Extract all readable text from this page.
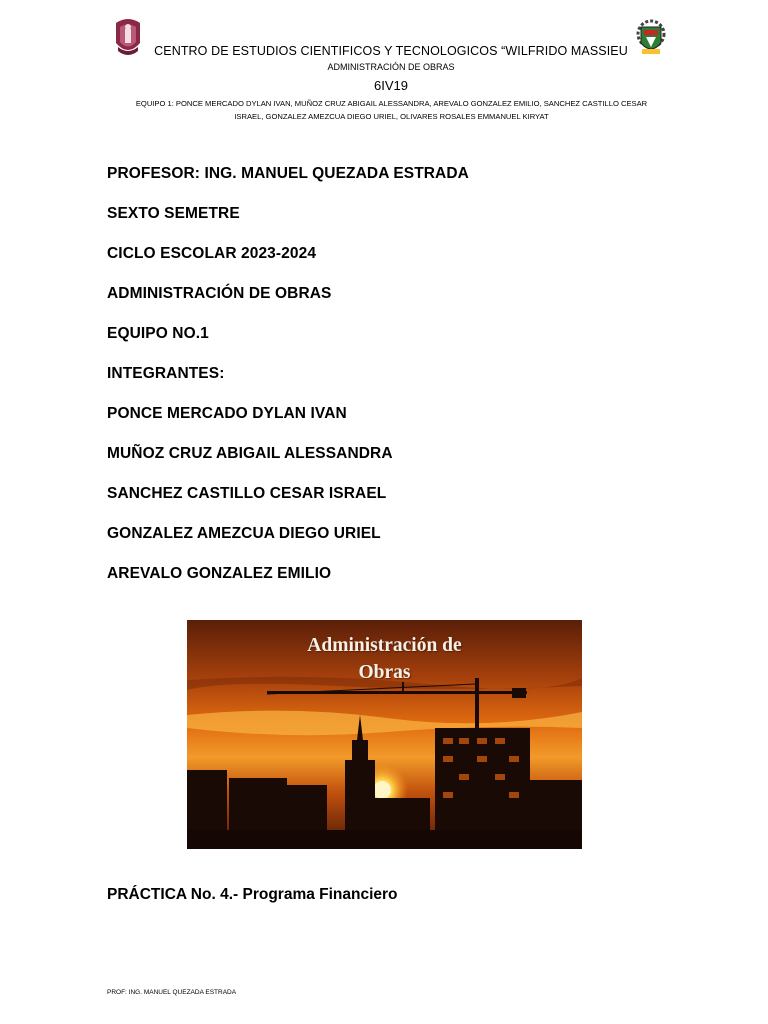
CENTRO DE ESTUDIOS CIENTIFICOS Y TECNOLOGICOS “WILFRIDO MASSIEU
ADMINISTRACIÓN DE OBRAS
6IV19
EQUIPO 1: PONCE MERCADO DYLAN IVAN, MUÑOZ CRUZ ABIGAIL ALESSANDRA, AREVALO GONZALEZ EMILIO, SANCHEZ CASTILLO CESAR
ISRAEL, GONZALEZ AMEZCUA DIEGO URIEL, OLIVARES ROSALES EMMANUEL KIRYAT
PROFESOR: ING. MANUEL QUEZADA ESTRADA
SEXTO SEMETRE
CICLO ESCOLAR 2023-2024
ADMINISTRACIÓN DE OBRAS
EQUIPO NO.1
INTEGRANTES:
PONCE MERCADO DYLAN IVAN
MUÑOZ CRUZ ABIGAIL ALESSANDRA
SANCHEZ CASTILLO CESAR ISRAEL
GONZALEZ AMEZCUA DIEGO URIEL
AREVALO GONZALEZ EMILIO
Administración de
Obras
PRÁCTICA No. 4.- Programa Financiero
PROF: ING. MANUEL QUEZADA ESTRADA
